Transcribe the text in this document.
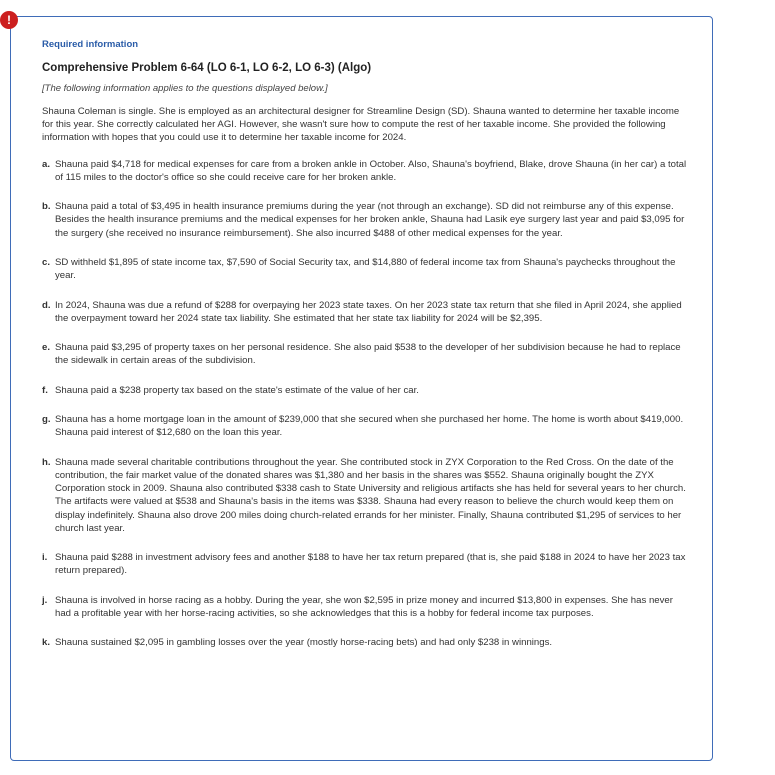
!
Required information
Comprehensive Problem 6-64 (LO 6-1, LO 6-2, LO 6-3) (Algo)
[The following information applies to the questions displayed below.]

Shauna Coleman is single. She is employed as an architectural designer for Streamline Design (SD). Shauna wanted to determine her taxable income for this year. She correctly calculated her AGI. However, she wasn't sure how to compute the rest of her taxable income. She provided the following information with hopes that you could use it to determine her taxable income for 2024.

a. Shauna paid $4,718 for medical expenses for care from a broken ankle in October. Also, Shauna's boyfriend, Blake, drove Shauna (in her car) a total of 115 miles to the doctor's office so she could receive care for her broken ankle.
b. Shauna paid a total of $3,495 in health insurance premiums during the year (not through an exchange). SD did not reimburse any of this expense. Besides the health insurance premiums and the medical expenses for her broken ankle, Shauna had Lasik eye surgery last year and paid $3,095 for the surgery (she received no insurance reimbursement). She also incurred $488 of other medical expenses for the year.
c. SD withheld $1,895 of state income tax, $7,590 of Social Security tax, and $14,880 of federal income tax from Shauna's paychecks throughout the year.
d. In 2024, Shauna was due a refund of $288 for overpaying her 2023 state taxes. On her 2023 state tax return that she filed in April 2024, she applied the overpayment toward her 2024 state tax liability. She estimated that her state tax liability for 2024 will be $2,395.
e. Shauna paid $3,295 of property taxes on her personal residence. She also paid $538 to the developer of her subdivision because he had to replace the sidewalk in certain areas of the subdivision.
f. Shauna paid a $238 property tax based on the state's estimate of the value of her car.
g. Shauna has a home mortgage loan in the amount of $239,000 that she secured when she purchased her home. The home is worth about $419,000. Shauna paid interest of $12,680 on the loan this year.
h. Shauna made several charitable contributions throughout the year. She contributed stock in ZYX Corporation to the Red Cross. On the date of the contribution, the fair market value of the donated shares was $1,380 and her basis in the shares was $552. Shauna originally bought the ZYX Corporation stock in 2009. Shauna also contributed $338 cash to State University and religious artifacts she has held for several years to her church. The artifacts were valued at $538 and Shauna's basis in the items was $338. Shauna had every reason to believe the church would keep them on display indefinitely. Shauna also drove 200 miles doing church-related errands for her minister. Finally, Shauna contributed $1,295 of services to her church last year.
i. Shauna paid $288 in investment advisory fees and another $188 to have her tax return prepared (that is, she paid $188 in 2024 to have her 2023 tax return prepared).
j. Shauna is involved in horse racing as a hobby. During the year, she won $2,595 in prize money and incurred $13,800 in expenses. She has never had a profitable year with her horse-racing activities, so she acknowledges that this is a hobby for federal income tax purposes.
k. Shauna sustained $2,095 in gambling losses over the year (mostly horse-racing bets) and had only $238 in winnings.
